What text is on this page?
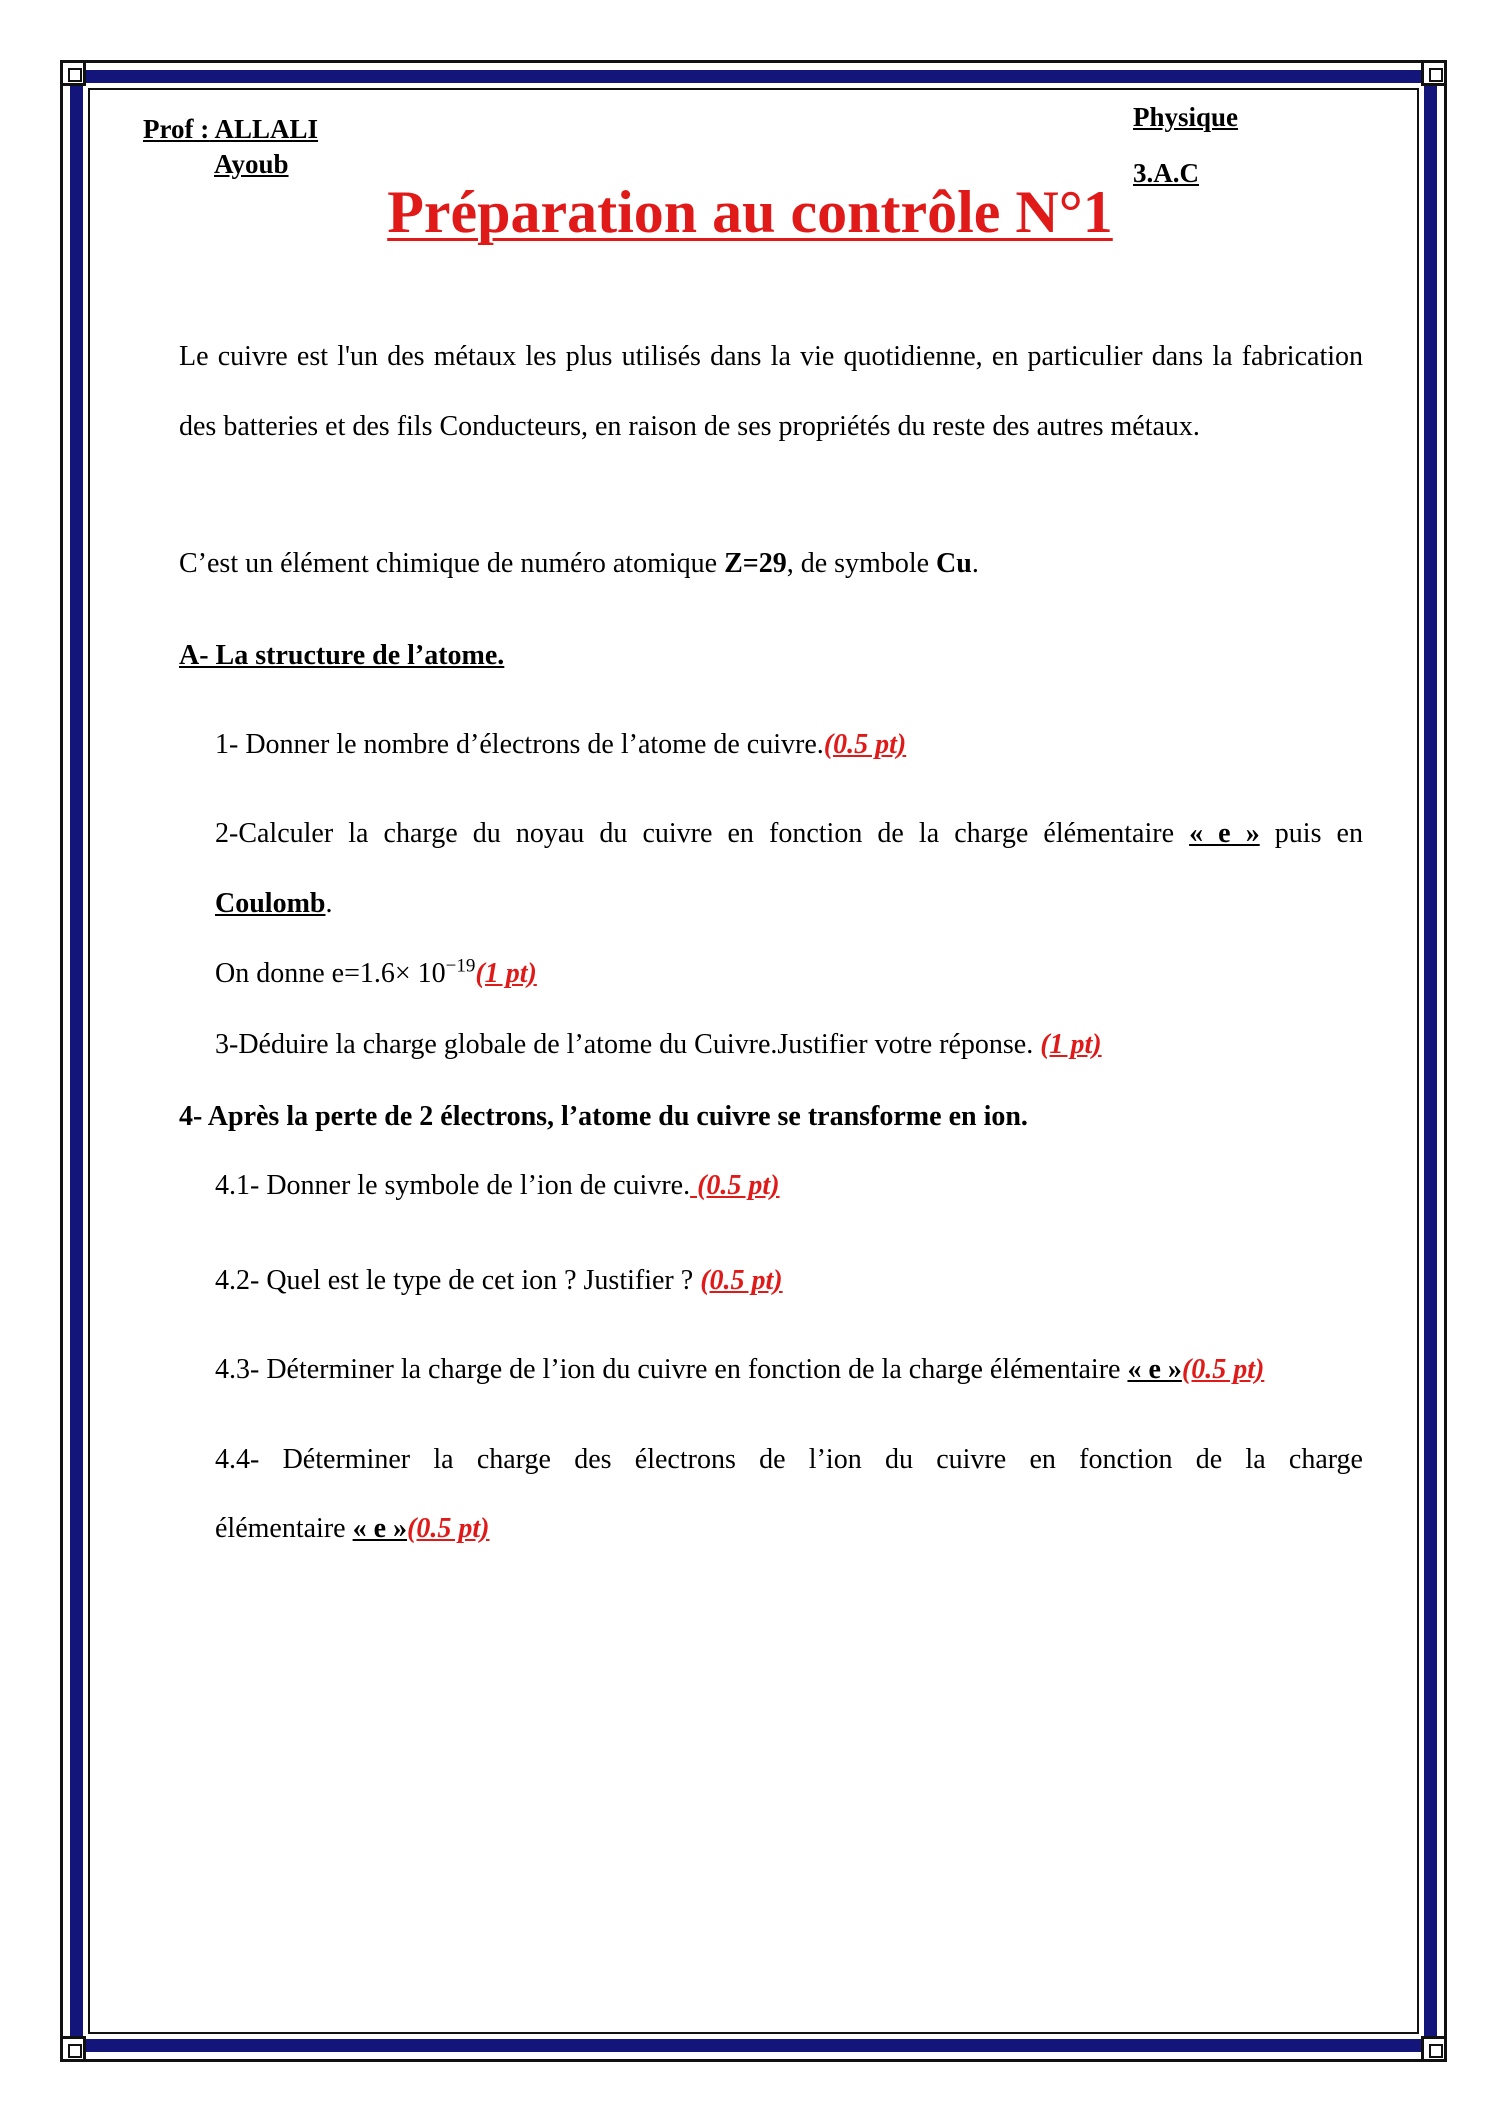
Prof : ALLALI
Ayoub
Physique
3.A.C
Préparation au contrôle N°1
Le cuivre est l'un des métaux les plus utilisés dans la vie quotidienne, en particulier dans la fabrication des batteries et des fils Conducteurs, en raison de ses propriétés du reste des autres métaux.
C’est un élément chimique de numéro atomique Z=29, de symbole Cu.
A- La structure de l’atome.
1- Donner le nombre d’électrons de l’atome de cuivre.(0.5 pt)
2-Calculer la charge du noyau du cuivre en fonction de la charge élémentaire « e » puis en
Coulomb.
On donne $e=1.6\times 10^{-19}(1$ pt)
3-Déduire la charge globale de l’atome du Cuivre.Justifier votre réponse. (1 pt)
4- Après la perte de 2 électrons, l’atome du cuivre se transforme en ion.
4.1- Donner le symbole de l’ion de cuivre. (0.5 pt)
4.2- Quel est le type de cet ion ? Justifier ? (0.5 pt)
4.3- Déterminer la charge de l’ion du cuivre en fonction de la charge élémentaire « e »(0.5 pt)
4.4- Déterminer la charge des électrons de l’ion du cuivre en fonction de la charge
élémentaire « e »(0.5 pt)
